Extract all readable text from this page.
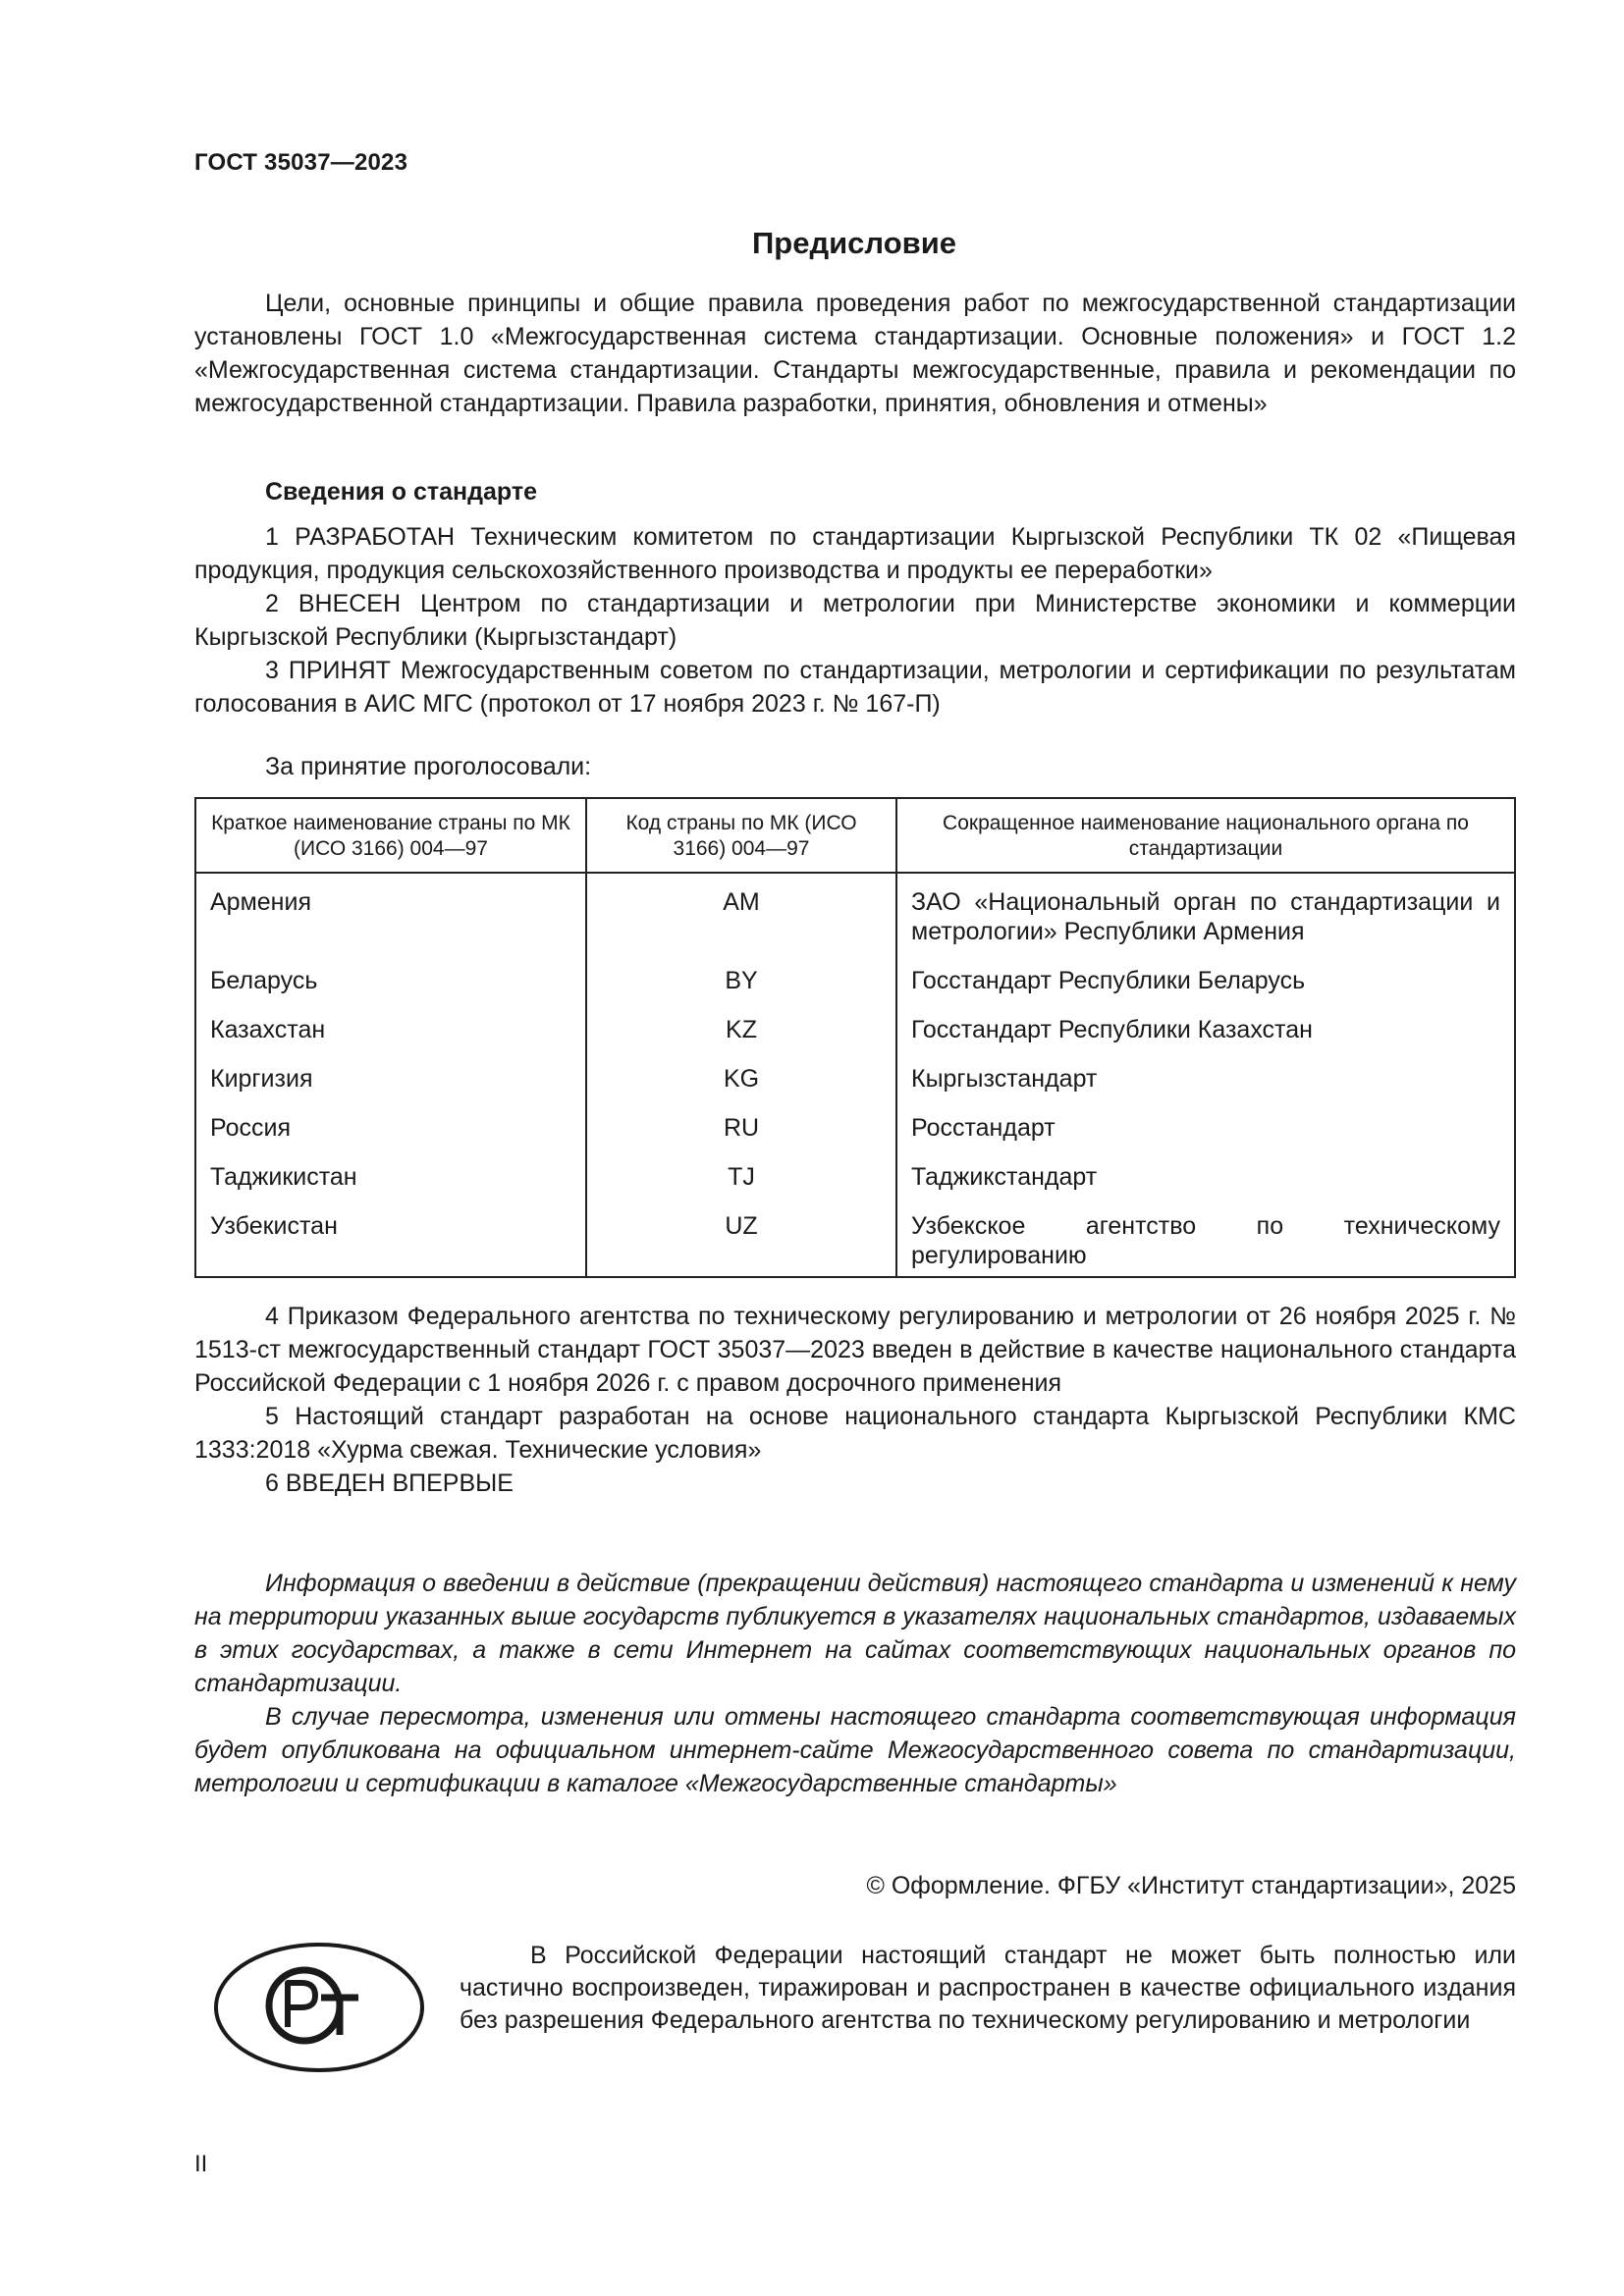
ГОСТ 35037—2023
Предисловие

Цели, основные принципы и общие правила проведения работ по межгосударственной стандартизации установлены ГОСТ 1.0 «Межгосударственная система стандартизации. Основные положения» и ГОСТ 1.2 «Межгосударственная система стандартизации. Стандарты межгосударственные, правила и рекомендации по межгосударственной стандартизации. Правила разработки, принятия, обновления и отмены»

Сведения о стандарте

1 РАЗРАБОТАН Техническим комитетом по стандартизации Кыргызской Республики ТК 02 «Пищевая продукция, продукция сельскохозяйственного производства и продукты ее переработки»

2 ВНЕСЕН Центром по стандартизации и метрологии при Министерстве экономики и коммерции Кыргызской Республики (Кыргызстандарт)

3 ПРИНЯТ Межгосударственным советом по стандартизации, метрологии и сертификации по результатам голосования в АИС МГС (протокол от 17 ноября 2023 г. № 167-П)

За принятие проголосовали:

Краткое наименование страны по МК (ИСО 3166) 004—97	Код страны по МК (ИСО 3166) 004—97	Сокращенное наименование национального органа по стандартизации
Армения	AM	ЗАО «Национальный орган по стандартизации и метрологии» Республики Армения
Беларусь	BY	Госстандарт Республики Беларусь
Казахстан	KZ	Госстандарт Республики Казахстан
Киргизия	KG	Кыргызстандарт
Россия	RU	Росстандарт
Таджикистан	TJ	Таджикстандарт
Узбекистан	UZ	Узбекское агентство по техническому регулированию

4 Приказом Федерального агентства по техническому регулированию и метрологии от 26 ноября 2025 г. № 1513-ст межгосударственный стандарт ГОСТ 35037—2023 введен в действие в качестве национального стандарта Российской Федерации с 1 ноября 2026 г. с правом досрочного применения

5 Настоящий стандарт разработан на основе национального стандарта Кыргызской Республики КМС 1333:2018 «Хурма свежая. Технические условия»

6 ВВЕДЕН ВПЕРВЫЕ

Информация о введении в действие (прекращении действия) настоящего стандарта и изменений к нему на территории указанных выше государств публикуется в указателях национальных стандартов, издаваемых в этих государствах, а также в сети Интернет на сайтах соответствующих национальных органов по стандартизации.

В случае пересмотра, изменения или отмены настоящего стандарта соответствующая информация будет опубликована на официальном интернет-сайте Межгосударственного совета по стандартизации, метрологии и сертификации в каталоге «Межгосударственные стандарты»

© Оформление. ФГБУ «Институт стандартизации», 2025

В Российской Федерации настоящий стандарт не может быть полностью или частично воспроизведен, тиражирован и распространен в качестве официального издания без разрешения Федерального агентства по техническому регулированию и метрологии

II
